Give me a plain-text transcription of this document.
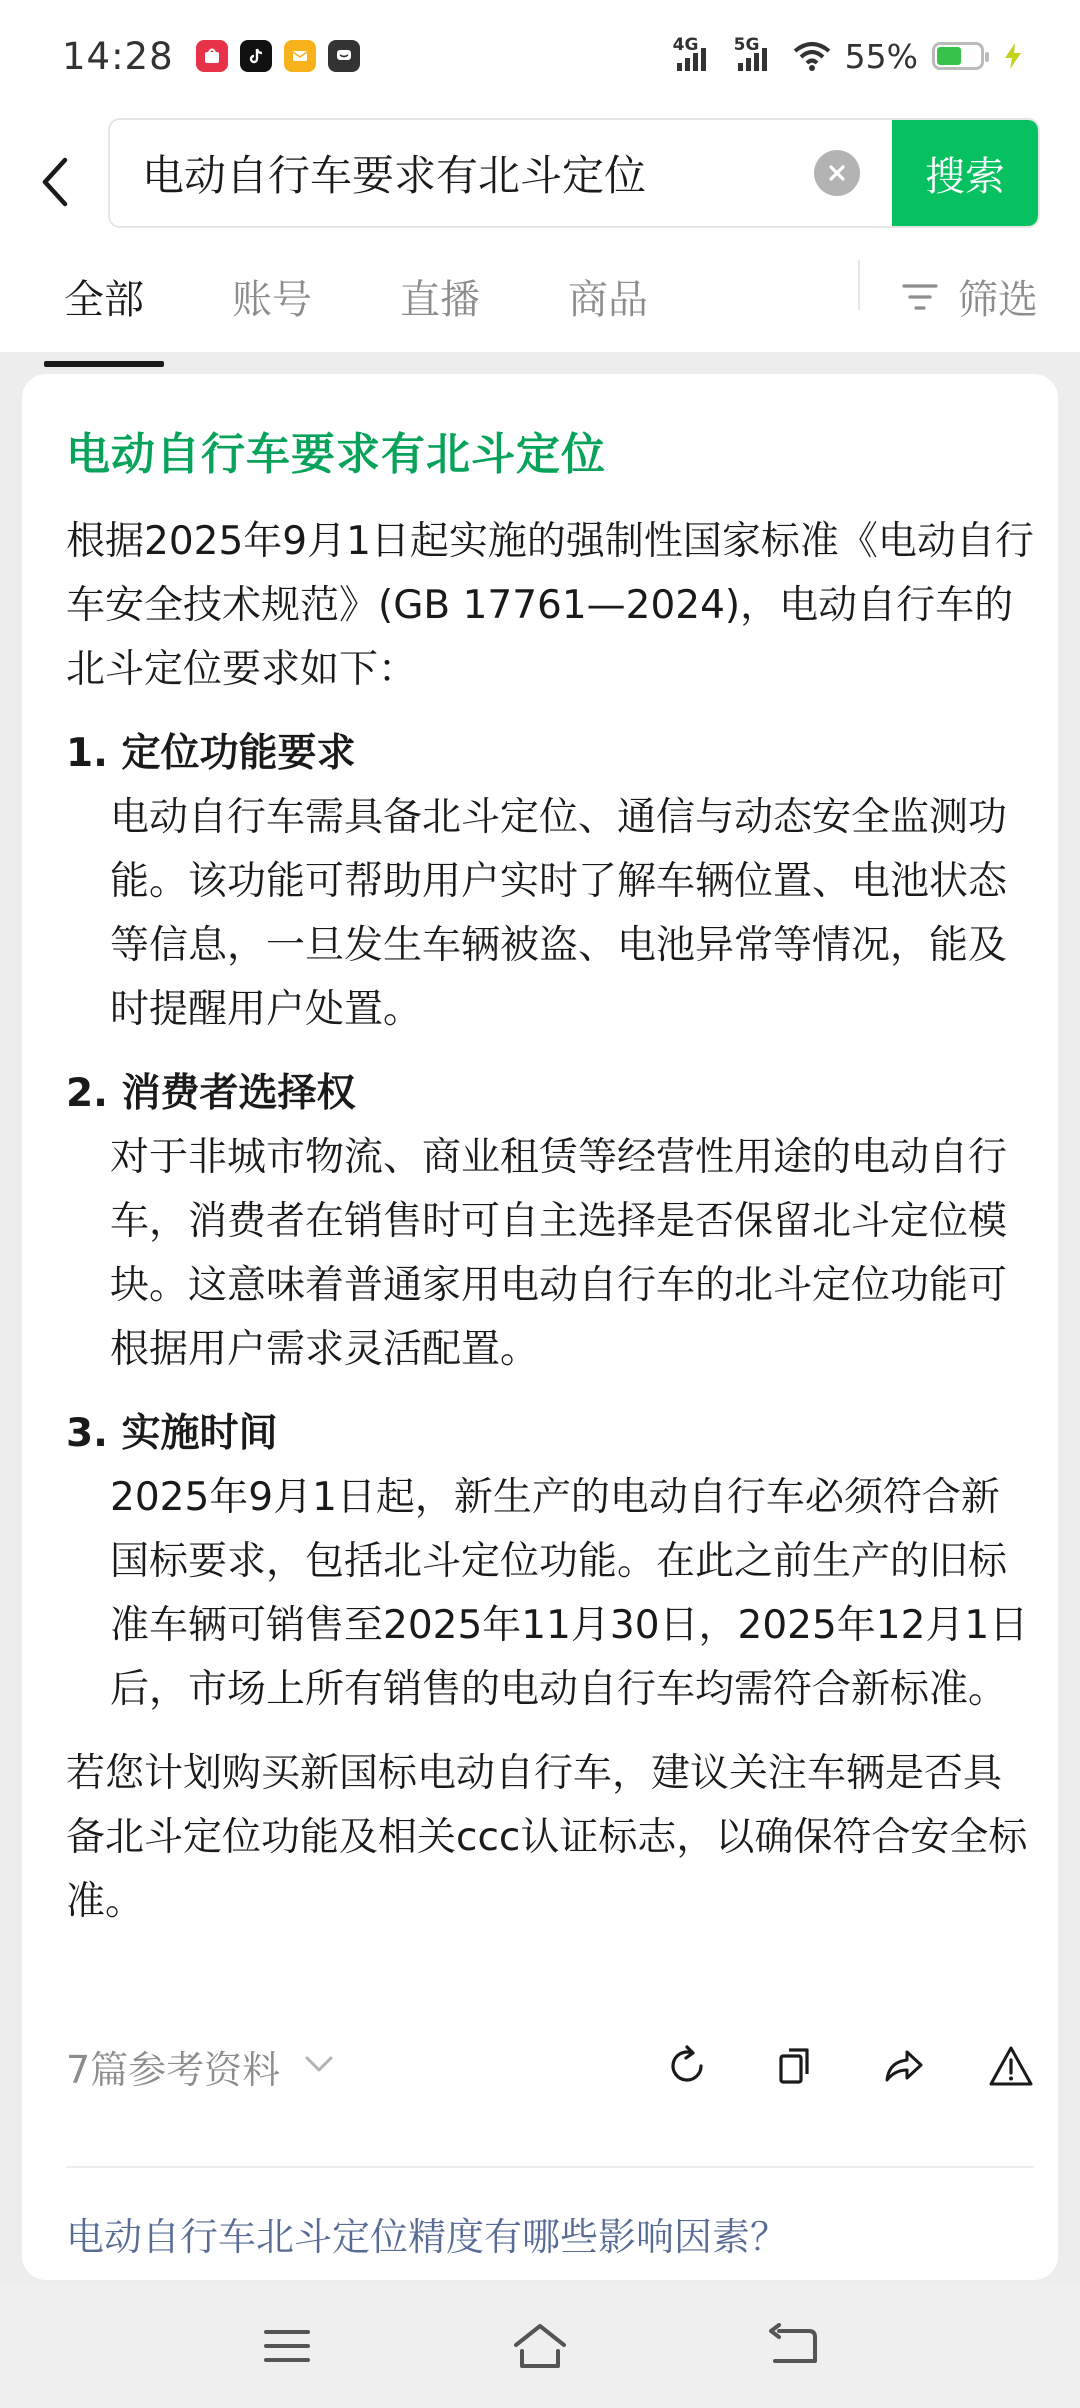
14:28	4G 5G	55%
电动自行车要求有北斗定位	搜索
全部 账号 直播 商品	筛选
电动自行车要求有北斗定位
根据2025年9月1日起实施的强制性国家标准《电动自行车安全技术规范》(GB 17761—2024)，电动自行车的北斗定位要求如下：
1. 定位功能要求
电动自行车需具备北斗定位、通信与动态安全监测功能。该功能可帮助用户实时了解车辆位置、电池状态等信息，一旦发生车辆被盗、电池异常等情况，能及时提醒用户处置。
2. 消费者选择权
对于非城市物流、商业租赁等经营性用途的电动自行车，消费者在销售时可自主选择是否保留北斗定位模块。这意味着普通家用电动自行车的北斗定位功能可根据用户需求灵活配置。
3. 实施时间
2025年9月1日起，新生产的电动自行车必须符合新国标要求，包括北斗定位功能。在此之前生产的旧标准车辆可销售至2025年11月30日，2025年12月1日后，市场上所有销售的电动自行车均需符合新标准。
若您计划购买新国标电动自行车，建议关注车辆是否具备北斗定位功能及相关ccc认证标志，以确保符合安全标准。
7篇参考资料
电动自行车北斗定位精度有哪些影响因素？
